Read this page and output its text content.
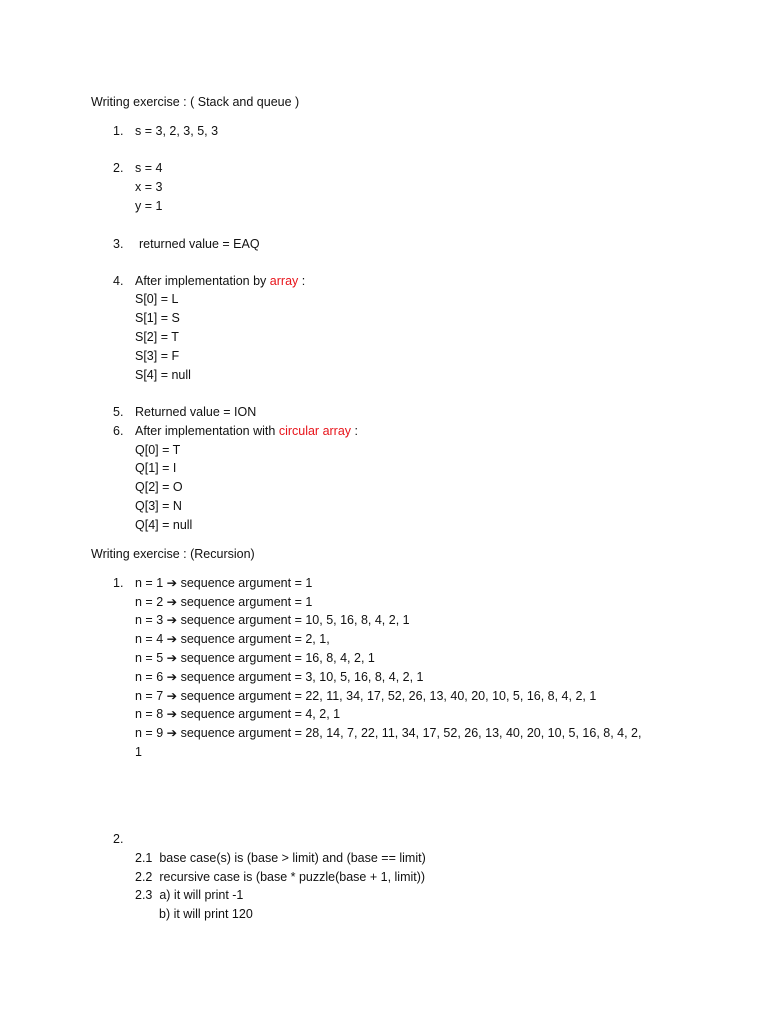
Writing exercise : ( Stack and queue )
1. s = 3, 2, 3, 5, 3
2. s = 4
x = 3
y = 1
3. returned value = EAQ
4. After implementation by array :
S[0] = L
S[1] = S
S[2] = T
S[3] = F
S[4] = null
5. Returned value = ION
6. After implementation with circular array :
Q[0] = T
Q[1] = I
Q[2] = O
Q[3] = N
Q[4] = null
Writing exercise : (Recursion)
1. n = 1 ➔ sequence argument = 1
n = 2 ➔ sequence argument = 1
n = 3 ➔ sequence argument = 10, 5, 16, 8, 4, 2, 1
n = 4 ➔ sequence argument = 2, 1,
n = 5 ➔ sequence argument = 16, 8, 4, 2, 1
n = 6 ➔ sequence argument = 3, 10, 5, 16, 8, 4, 2, 1
n = 7 ➔ sequence argument = 22, 11, 34, 17, 52, 26, 13, 40, 20, 10, 5, 16, 8, 4, 2, 1
n = 8 ➔ sequence argument = 4, 2, 1
n = 9 ➔ sequence argument = 28, 14, 7, 22, 11, 34, 17, 52, 26, 13, 40, 20, 10, 5, 16, 8, 4, 2,
1
2.
2.1 base case(s) is (base > limit) and (base == limit)
2.2 recursive case is (base * puzzle(base + 1, limit))
2.3 a) it will print -1
b) it will print 120
